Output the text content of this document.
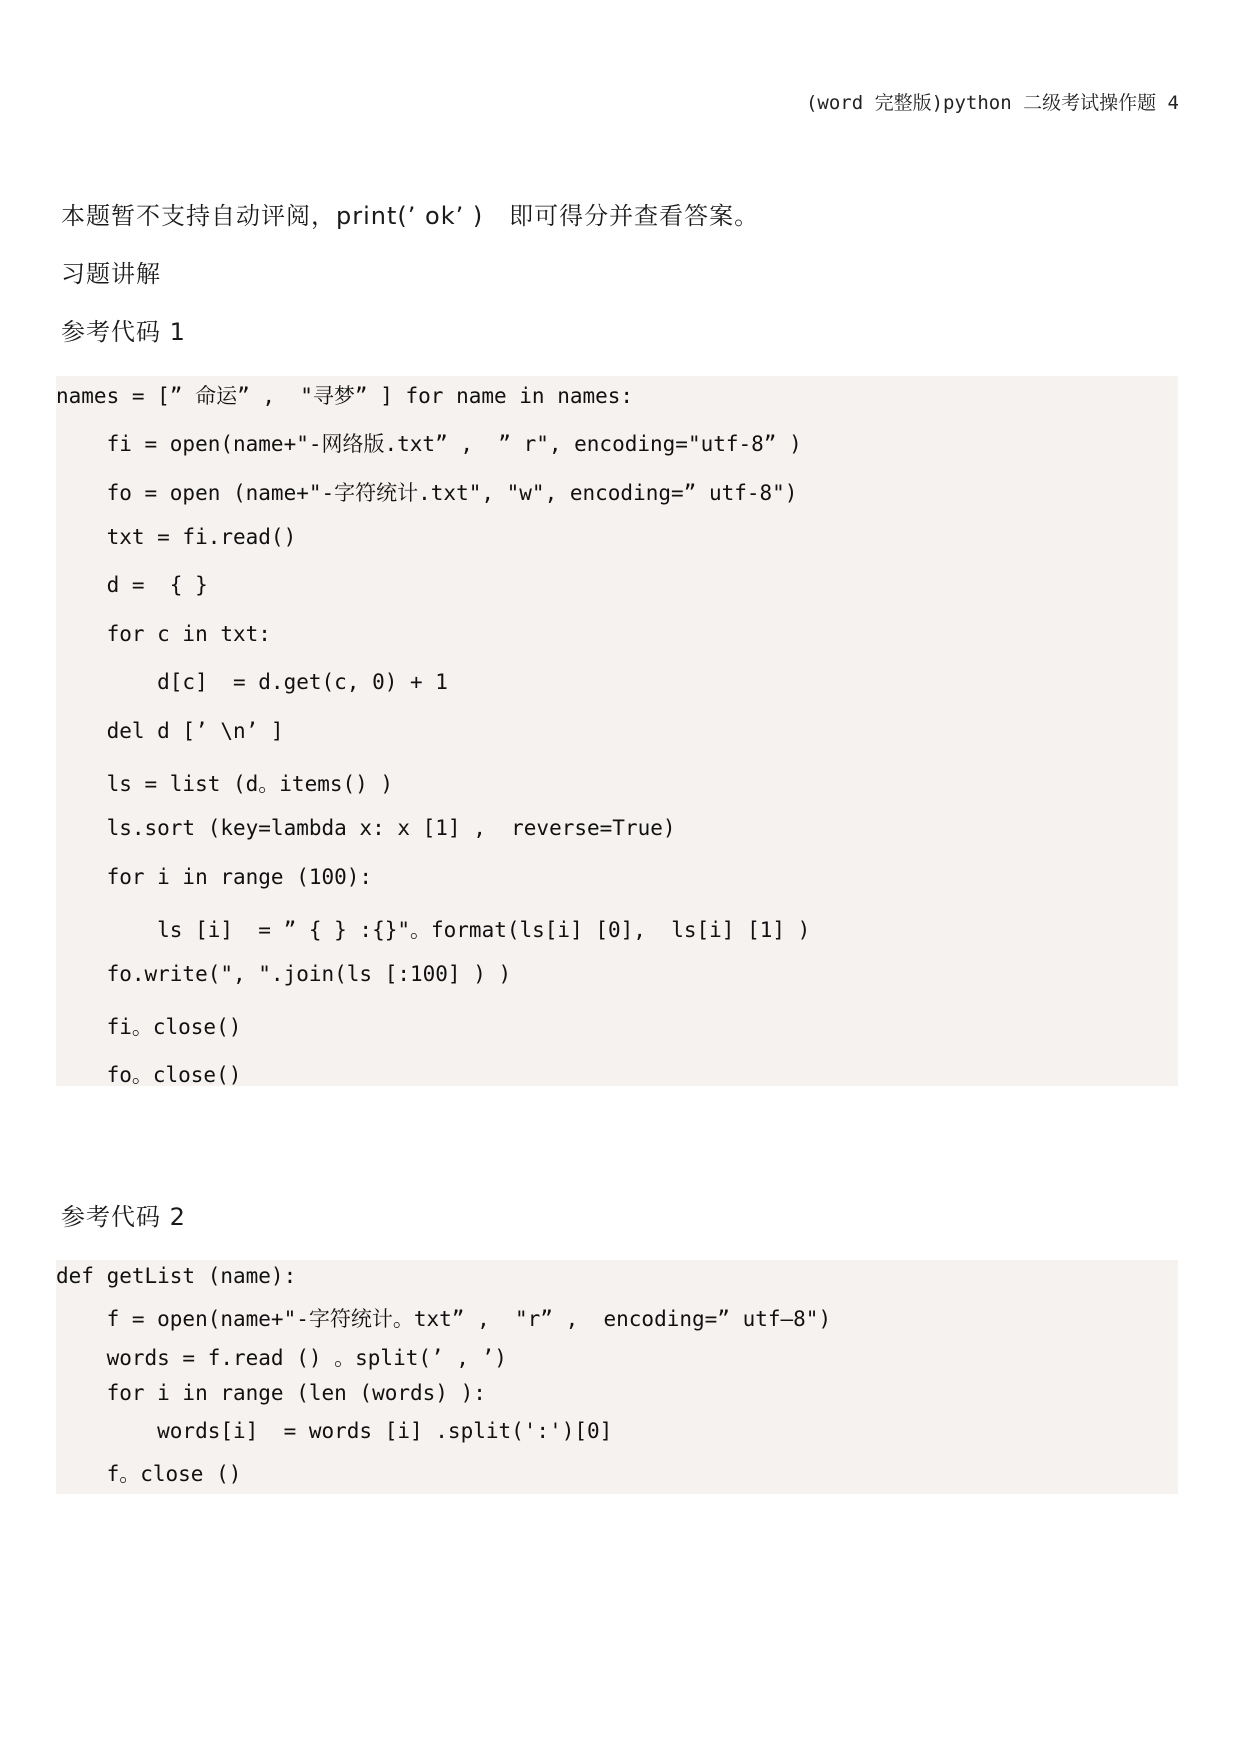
(word 完整版)python 二级考试操作题 4
本题暂不支持自动评阅，print(’ ok’ )   即可得分并查看答案。
习题讲解
参考代码 1
names = [” 命运” ,  "寻梦” ] for name in names:
fi = open(name+"-网络版.txt” ,  ” r", encoding="utf-8” )
fo = open (name+"-字符统计.txt", "w", encoding=” utf-8")
txt = fi.read()
d =  { }
for c in txt:
d[c]  = d.get(c, 0) + 1
del d [’ \n’ ]
ls = list (d。items() )
ls.sort (key=lambda x: x [1] ,  reverse=True)
for i in range (100):
ls [i]  = ” { } :{}"。format(ls[i] [0],  ls[i] [1] )
fo.write(", ".join(ls [:100] ) )
fi。close()
fo。close()
参考代码 2
def getList (name):
f = open(name+"-字符统计。txt” ,  "r” ,  encoding=” utf—8")
words = f.read () 。split(’ , ’)
for i in range (len (words) ):
words[i]  = words [i] .split(':')[0]
f。close ()
